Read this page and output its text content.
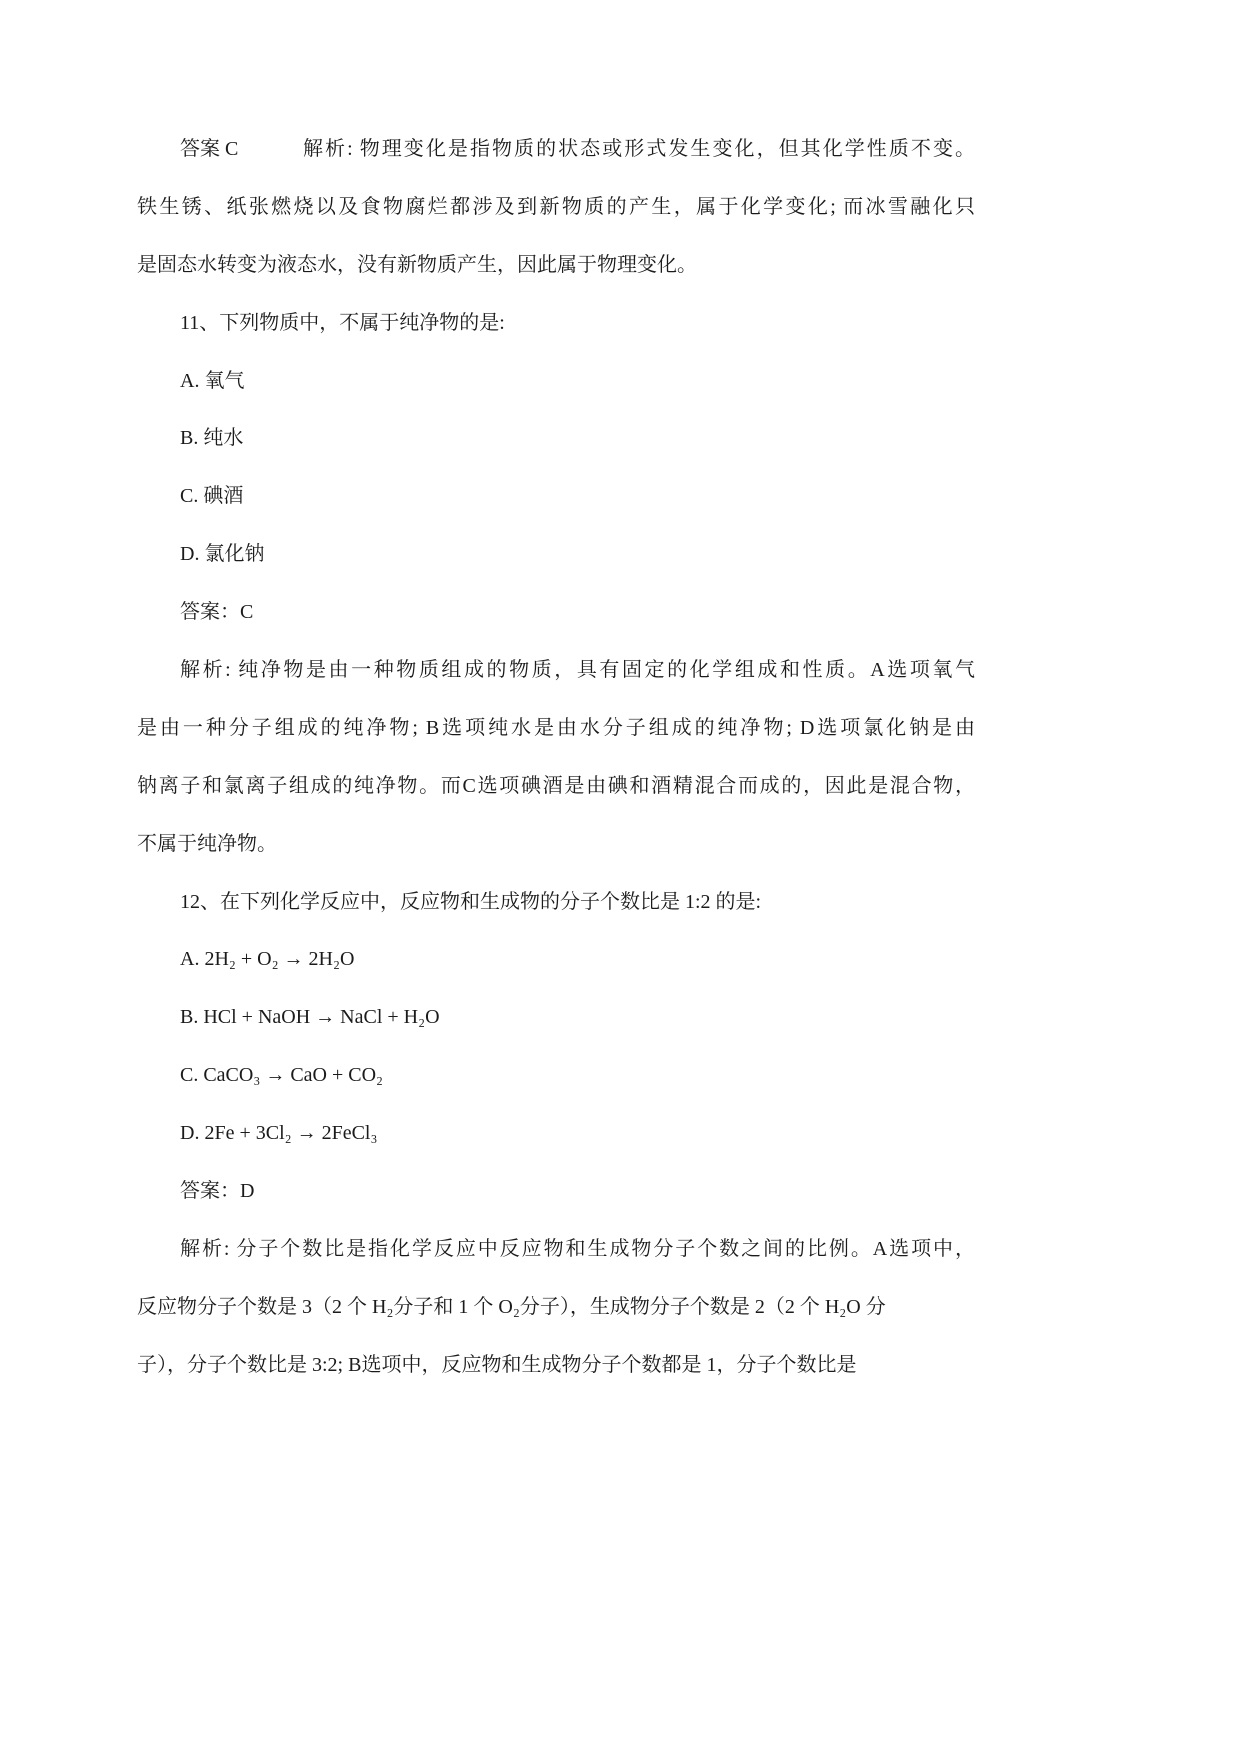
答案 C	解析: 物理变化是指物质的状态或形式发生变化，但其化学性质不变。
铁生锈、纸张燃烧以及食物腐烂都涉及到新物质的产生，属于化学变化; 而冰雪融化只
是固态水转变为液态水，没有新物质产生，因此属于物理变化。
11、下列物质中，不属于纯净物的是:
A. 氧气
B. 纯水
C. 碘酒
D. 氯化钠
答案：C
解析: 纯净物是由一种物质组成的物质，具有固定的化学组成和性质。A选项氧气
是由一种分子组成的纯净物; B选项纯水是由水分子组成的纯净物; D选项氯化钠是由
钠离子和氯离子组成的纯净物。而C选项碘酒是由碘和酒精混合而成的，因此是混合物，
不属于纯净物。
12、在下列化学反应中，反应物和生成物的分子个数比是 1:2 的是:
A. 2H₂ + O₂ → 2H₂O
B. HCl + NaOH → NaCl + H₂O
C. CaCO₃ → CaO + CO₂
D. 2Fe + 3Cl₂ → 2FeCl₃
答案：D
解析: 分子个数比是指化学反应中反应物和生成物分子个数之间的比例。A选项中，
反应物分子个数是 3（2 个 H₂分子和 1 个 O₂分子），生成物分子个数是 2（2 个 H₂O 分
子），分子个数比是 3:2; B选项中，反应物和生成物分子个数都是 1，分子个数比是
